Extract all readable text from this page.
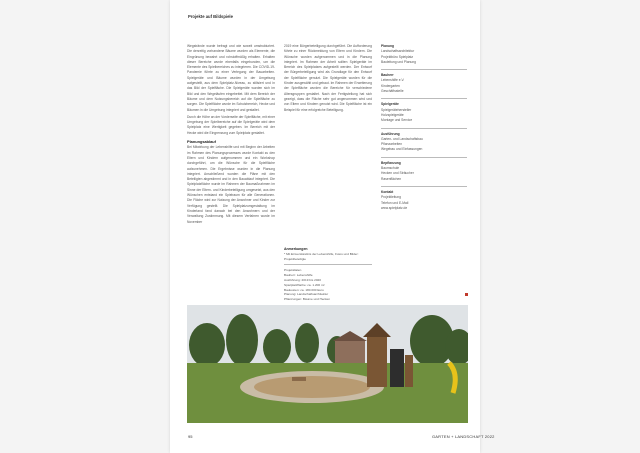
Projekte auf Bildspiele

Wegstrände wurde befragt und wie soweit umstrukturiert. Die derzeitig vorhandene Bäume wurden als Elemente, die Eingrünung bewahrt und rohstoffmäßig erhalten. Erhalten dieser Bereiche wurde ebenfalls eingebunden, um die Elemente des Spielbereiches zu integrieren. Die COVID-19-Pandemie führte zu einer Verlegung der Bauarbeiten. Spielgeräte und Bäume wurden in der Umgebung aufgestellt, aus dem Spielplatz-Niveau, zu stilisiert und in das Bild der Spielfläche. Die Spielgeräte wurden sich im Bild und den Wegeläufen eingebettet. Mit dem Bereich der Bäume und dem Nutzungsbereich auf die Spielfläche zu sorgen. Die Spielfläche wurde im Schutzbereich, Hecke und Bäumen in die Umgebung integriert und gestaltet.

Durch die Höhe an der Vorderseite der Spielfläche, mit einer Umgebung der Spielbereiche auf die Spielgeräte wird dem Spielplatz eine Wertigkeit gegeben. Im Bereich mit der Hecke wird die Eingrenzung zum Spielplatz gestaltet.

Planungsablauf

Bei Mitwirkung der Lebenshilfe und mit Beginn der Arbeiten im Rahmen des Planungsprozesses wurde Kontakt zu den Eltern und Kindern aufgenommen und ein Workshop durchgeführt, um die Wünsche für die Spielfläche aufzunehmen. Die Ergebnisse wurden in die Planung integriert. Anschließend wurden die Pläne mit den Beteiligten abgestimmt und in den Bauablauf integriert. Die Spielplatzfläche wurde im Rahmen der Baumaßnahmen im Sinne der Eltern- und Kinderbeteiligung umgesetzt, aus den Wünschen entstand ein Spielraum für alle Generationen. Die Fläche wird zur Nutzung der Anwohner und Kinder zur Verfügung gestellt. Die Spielplatzumgestaltung im Kinderland fand danach bei den Anwohnern und der Verwaltung Zustimmung. Mit diesem Verfahren wurde im November

2019 eine Bürgerbeteiligung durchgeführt. Die Aufforderung führte zu einer Rückmeldung von Eltern und Kindern. Die Wünsche wurden aufgenommen und in die Planung integriert. Im Rahmen der Arbeit sollten Spielgeräte im Bereich des Spielplatzes aufgestellt werden. Der Entwurf der Bürgerbeteiligung wird als Grundlage für den Entwurf der Spielfläche genutzt. Die Spielgeräte wurden für die Kinder ausgewählt und gebaut. Im Rahmen der Erweiterung der Spielfläche wurden die Bereiche für verschiedene Altersgruppen gestaltet. Nach der Fertigstellung hat sich gezeigt, dass die Fläche sehr gut angenommen wird und von Eltern und Kindern genutzt wird. Die Spielfläche ist ein Beispiel für eine erfolgreiche Beteiligung.

Anmerkungen
* Mit Einverständnis der Lebenshilfe, Fotos und Bilder: Projektbeteiligte
Projektdaten
Bauherr: Lebenshilfe
Ausführung: 2019 bis 2020
Spielplatzfläche: ca. 1.200 m²
Baukosten: ca. 180.000 Euro
Planung: Landschaftsarchitektur
Pflanzungen: Bäume und Hecken
Planung
Landschaftsarchitektur
Projektbüro Spielplatz
Bauleitung und Planung
Bauherr
Lebenshilfe e.V.
Kindergarten
Geschäftsstelle
Spielgeräte
Spielgerätehersteller
Holzspielgeräte
Montage und Service
Ausführung
Garten- und Landschaftsbau
Pflanzarbeiten
Wegebau und Einfassungen
Bepflanzung
Baumschule
Hecken und Sträucher
Rasenflächen
Kontakt
Projektleitung
Telefon und E-Mail
www.spielplatz.de
95	GARTEN + LANDSCHAFT 2022
